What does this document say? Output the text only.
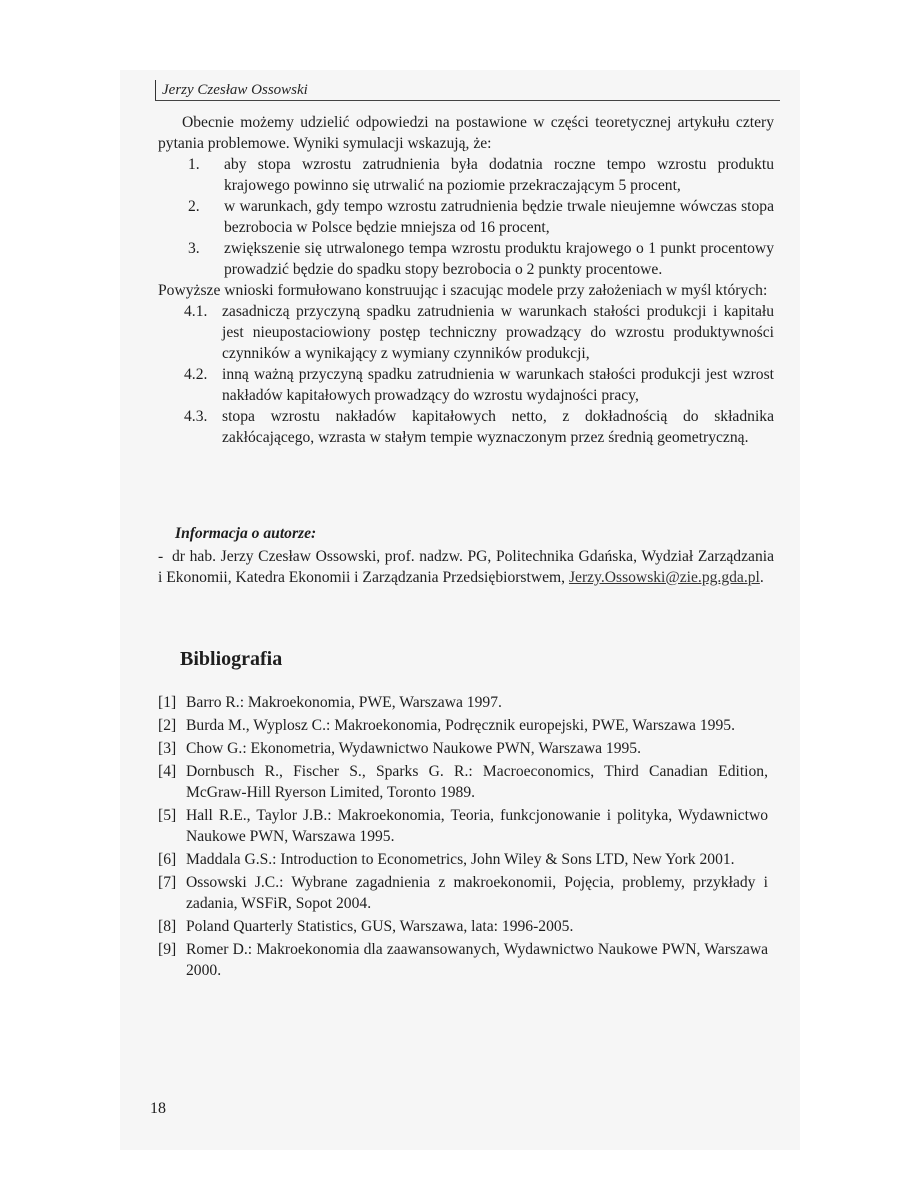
Jerzy Czesław Ossowski

Obecnie możemy udzielić odpowiedzi na postawione w części teoretycznej artykułu cztery pytania problemowe. Wyniki symulacji wskazują, że:

1.	aby stopa wzrostu zatrudnienia była dodatnia roczne tempo wzrostu produktu krajowego powinno się utrwalić na poziomie przekraczającym 5 procent,
2.	w warunkach, gdy tempo wzrostu zatrudnienia będzie trwale nieujemne wówczas stopa bezrobocia w Polsce będzie mniejsza od 16 procent,
3.	zwiększenie się utrwalonego tempa wzrostu produktu krajowego o 1 punkt procentowy prowadzić będzie do spadku stopy bezrobocia o 2 punkty procentowe.

Powyższe wnioski formułowano konstruując i szacując modele przy założeniach w myśl których:

4.1. zasadniczą przyczyną spadku zatrudnienia w warunkach stałości produkcji i kapitału jest nieupostaciowiony postęp techniczny prowadzący do wzrostu produktywności czynników a wynikający z wymiany czynników produkcji,
4.2. inną ważną przyczyną spadku zatrudnienia w warunkach stałości produkcji jest wzrost nakładów kapitałowych prowadzący do wzrostu wydajności pracy,
4.3. stopa wzrostu nakładów kapitałowych netto, z dokładnością do składnika zakłócającego, wzrasta w stałym tempie wyznaczonym przez średnią geometryczną.
Informacja o autorze:
- dr hab. Jerzy Czesław Ossowski, prof. nadzw. PG, Politechnika Gdańska, Wydział Zarządzania i Ekonomii, Katedra Ekonomii i Zarządzania Przedsiębiorstwem, Jerzy.Ossowski@zie.pg.gda.pl.
Bibliografia
[1] Barro R.: Makroekonomia, PWE, Warszawa 1997.
[2] Burda M., Wyplosz C.: Makroekonomia, Podręcznik europejski, PWE, Warszawa 1995.
[3] Chow G.: Ekonometria, Wydawnictwo Naukowe PWN, Warszawa 1995.
[4] Dornbusch R., Fischer S., Sparks G. R.: Macroeconomics, Third Canadian Edition, McGraw-Hill Ryerson Limited, Toronto 1989.
[5] Hall R.E., Taylor J.B.: Makroekonomia, Teoria, funkcjonowanie i polityka, Wydawnictwo Naukowe PWN, Warszawa 1995.
[6] Maddala G.S.: Introduction to Econometrics, John Wiley & Sons LTD, New York 2001.
[7] Ossowski J.C.: Wybrane zagadnienia z makroekonomii, Pojęcia, problemy, przykłady i zadania, WSFiR, Sopot 2004.
[8] Poland Quarterly Statistics, GUS, Warszawa, lata: 1996-2005.
[9] Romer D.: Makroekonomia dla zaawansowanych, Wydawnictwo Naukowe PWN, Warszawa 2000.
18
